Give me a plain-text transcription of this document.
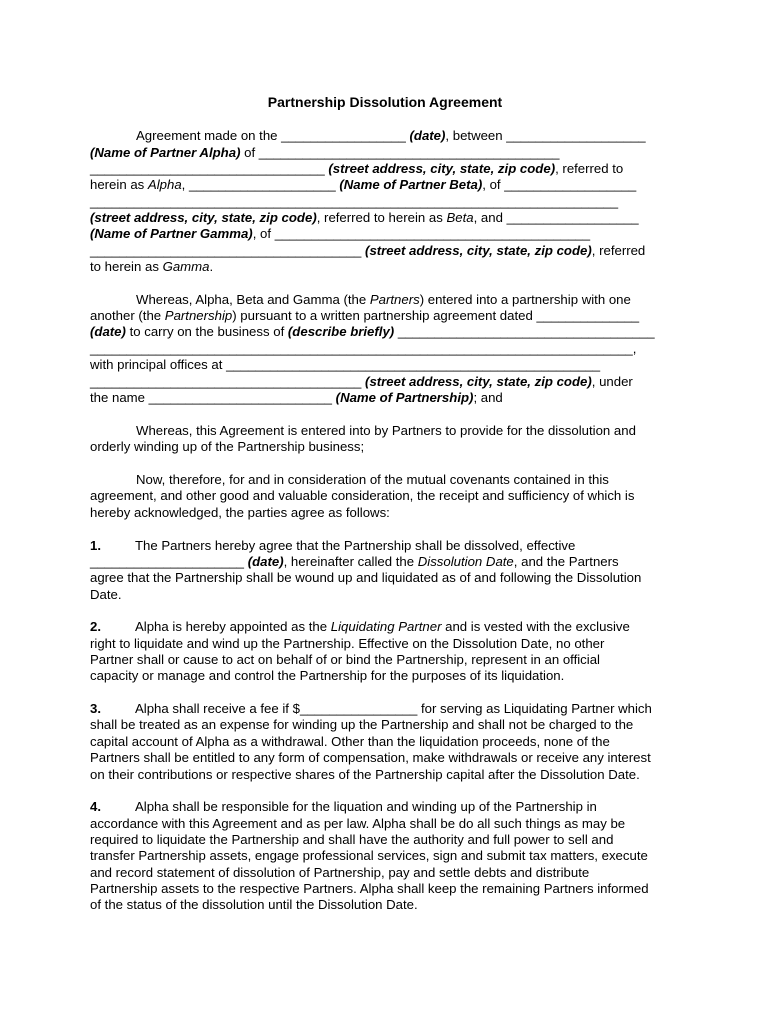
Partnership Dissolution Agreement
Agreement made on the _________________ (date), between ___________________
(Name of Partner Alpha) of _________________________________________
________________________________ (street address, city, state, zip code), referred to
herein as Alpha, ____________________ (Name of Partner Beta), of __________________
________________________________________________________________________
(street address, city, state, zip code), referred to herein as Beta, and __________________
(Name of Partner Gamma), of ___________________________________________
_____________________________________ (street address, city, state, zip code), referred
to herein as Gamma.
Whereas, Alpha, Beta and Gamma (the Partners) entered into a partnership with one
another (the Partnership) pursuant to a written partnership agreement dated ______________
(date) to carry on the business of (describe briefly) ___________________________________
__________________________________________________________________________,
with principal offices at ___________________________________________________
_____________________________________ (street address, city, state, zip code), under
the name _________________________ (Name of Partnership); and
Whereas, this Agreement is entered into by Partners to provide for the dissolution and
orderly winding up of the Partnership business;
Now, therefore, for and in consideration of the mutual covenants contained in this
agreement, and other good and valuable consideration, the receipt and sufficiency of which is
hereby acknowledged, the parties agree as follows:
1.	The Partners hereby agree that the Partnership shall be dissolved, effective
_____________________ (date), hereinafter called the Dissolution Date, and the Partners
agree that the Partnership shall be wound up and liquidated as of and following the Dissolution
Date.
2.	Alpha is hereby appointed as the Liquidating Partner and is vested with the exclusive
right to liquidate and wind up the Partnership. Effective on the Dissolution Date, no other
Partner shall or cause to act on behalf of or bind the Partnership, represent in an official
capacity or manage and control the Partnership for the purposes of its liquidation.
3.	Alpha shall receive a fee if $________________ for serving as Liquidating Partner which
shall be treated as an expense for winding up the Partnership and shall not be charged to the
capital account of Alpha as a withdrawal. Other than the liquidation proceeds, none of the
Partners shall be entitled to any form of compensation, make withdrawals or receive any interest
on their contributions or respective shares of the Partnership capital after the Dissolution Date.
4.	Alpha shall be responsible for the liquation and winding up of the Partnership in
accordance with this Agreement and as per law. Alpha shall be do all such things as may be
required to liquidate the Partnership and shall have the authority and full power to sell and
transfer Partnership assets, engage professional services, sign and submit tax matters, execute
and record statement of dissolution of Partnership, pay and settle debts and distribute
Partnership assets to the respective Partners. Alpha shall keep the remaining Partners informed
of the status of the dissolution until the Dissolution Date.
